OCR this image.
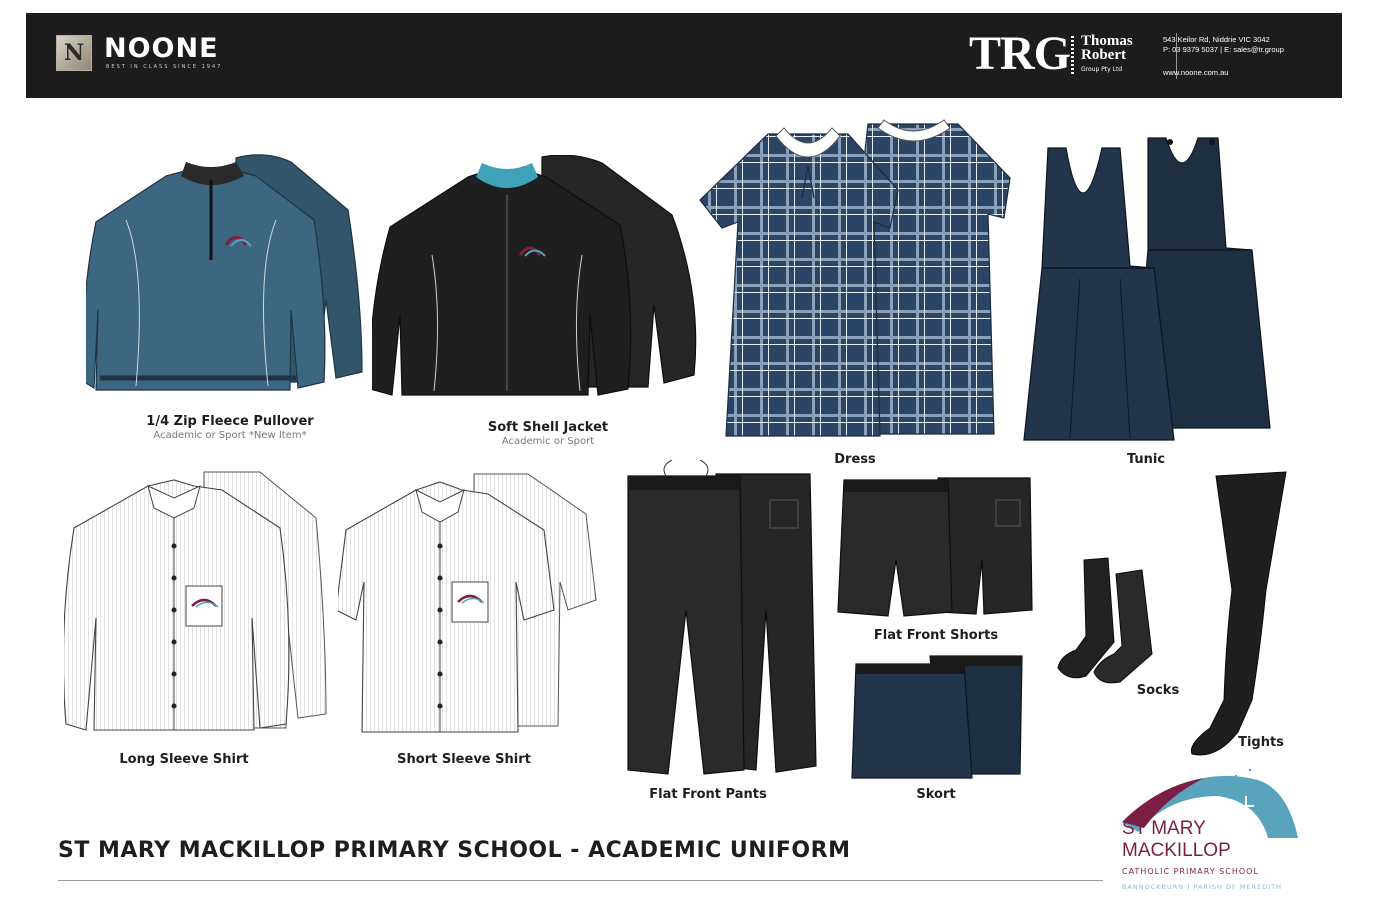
N NOONE
BEST IN CLASS SINCE 1947	TRG Thomas
Robert
Group Pty Ltd
543 Keilor Rd, Niddrie VIC 3042
P: 03 9379 5037 | E: sales@tr.group
www.noone.com.au
1/4 Zip Fleece Pullover
Academic or Sport *New Item*
Soft Shell Jacket
Academic or Sport
Dress	Tunic
Long Sleeve Shirt	Short Sleeve Shirt
Flat Front Pants
Flat Front Shorts
Skort
Socks
Tights
ST MARY MACKILLOP PRIMARY SCHOOL - ACADEMIC UNIFORM
ST MARY
MACKILLOP
CATHOLIC PRIMARY SCHOOL
BANNOCKBURN | PARISH OF MEREDITH
